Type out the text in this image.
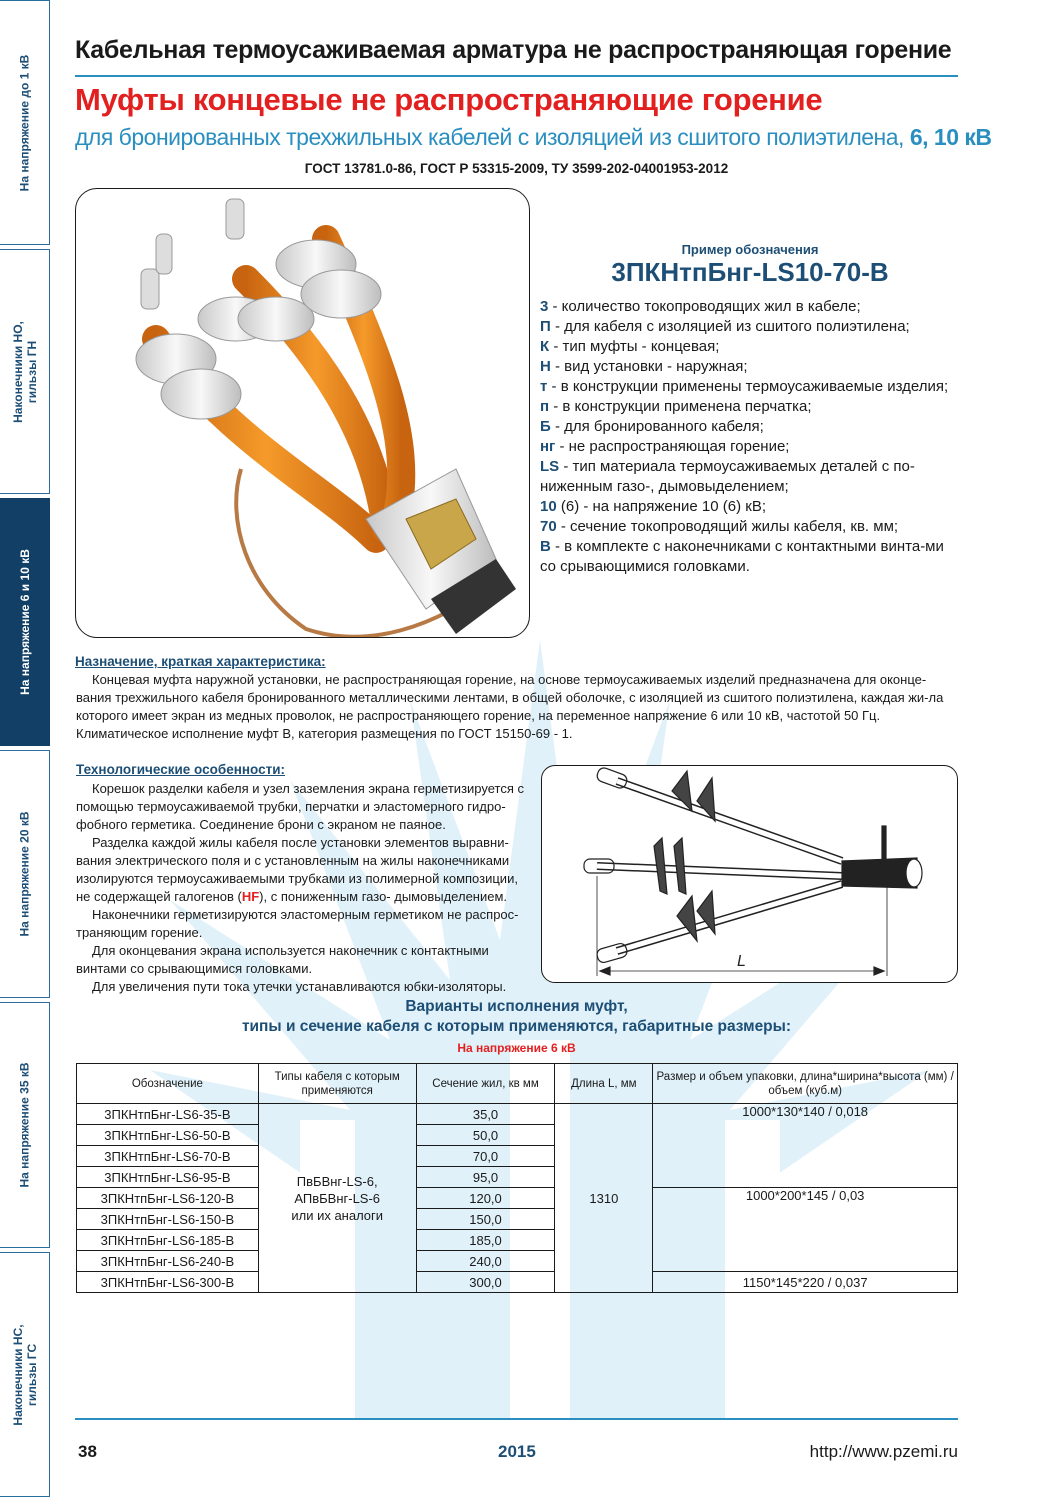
На напряжение до 1 кВ
Наконечники НО, гильзы ГН
На напряжение 6 и 10 кВ
На напряжение 20 кВ
На напряжение 35 кВ
Наконечники НС, гильзы ГС
Кабельная термоусаживаемая арматура не распространяющая горение
Муфты концевые не распространяющие горение
для бронированных трехжильных кабелей с изоляцией из сшитого полиэтилена, 6, 10 кВ
ГОСТ 13781.0-86, ГОСТ Р 53315-2009, ТУ 3599-202-04001953-2012
Пример обозначения
3ПКНтпБнг-LS10-70-В
3 - количество токопроводящих жил в кабеле;
П - для кабеля с изоляцией из сшитого полиэтилена;
К - тип муфты - концевая;
Н - вид установки - наружная;
т - в конструкции применены термоусаживаемые изделия;
п - в конструкции применена перчатка;
Б - для бронированного кабеля;
нг - не распространяющая горение;
LS - тип материала термоусаживаемых деталей с по-ниженным газо-, дымовыделением;
10 (6) - на напряжение 10 (6) кВ;
70 - сечение токопроводящий жилы кабеля, кв. мм;
В - в комплекте с наконечниками с контактными винта-ми со срывающимися головками.
Назначение, краткая характеристика:

Концевая муфта наружной установки, не распространяющая горение, на основе термоусаживаемых изделий предназначена для оконце-вания трехжильного кабеля бронированного металлическими лентами, в общей оболочке, с изоляцией из сшитого полиэтилена, каждая жи-ла которого имеет экран из медных проволок, не распространяющего горение, на переменное напряжение 6 или 10 кВ, частотой 50 Гц. Климатическое исполнение муфт В, категория размещения по ГОСТ 15150-69 - 1.

Технологические особенности:

Корешок разделки кабеля и узел заземления экрана герметизируется с помощью термоусаживаемой трубки, перчатки и эластомерного гидро-фобного герметика. Соединение брони с экраном не паяное.

Разделка каждой жилы кабеля после установки элементов выравни-вания электрического поля и с установленным на жилы наконечниками изолируются термоусаживаемыми трубками из полимерной композиции, не содержащей галогенов (HF), с пониженным газо- дымовыделением.

Наконечники герметизируются эластомерным герметиком не распрос-траняющим горение.

Для оконцевания экрана используется наконечник с контактными винтами со срывающимися головками.

Для увеличения пути тока утечки устанавливаются юбки-изоляторы.

L
Варианты исполнения муфт,
типы и сечение кабеля с которым применяются, габаритные размеры:
На напряжение 6 кВ
Обозначение	Типы кабеля с которым применяются	Сечение жил, кв мм	Длина L, мм	Размер и объем упаковки, длина*ширина*высота (мм) / объем (куб.м)
3ПКНтпБнг-LS6-35-В	ПвБВнг-LS-6,
АПвБВнг-LS-6
или их аналоги	35,0	1310	1000*130*140 / 0,018
3ПКНтпБнг-LS6-50-В		50,0		
3ПКНтпБнг-LS6-70-В		70,0		
3ПКНтпБнг-LS6-95-В		95,0		
3ПКНтпБнг-LS6-120-В		120,0		1000*200*145 / 0,03
3ПКНтпБнг-LS6-150-В		150,0		
3ПКНтпБнг-LS6-185-В		185,0		
3ПКНтпБнг-LS6-240-В		240,0		
3ПКНтпБнг-LS6-300-В		300,0		1150*145*220 / 0,037
38	2015	http://www.pzemi.ru
